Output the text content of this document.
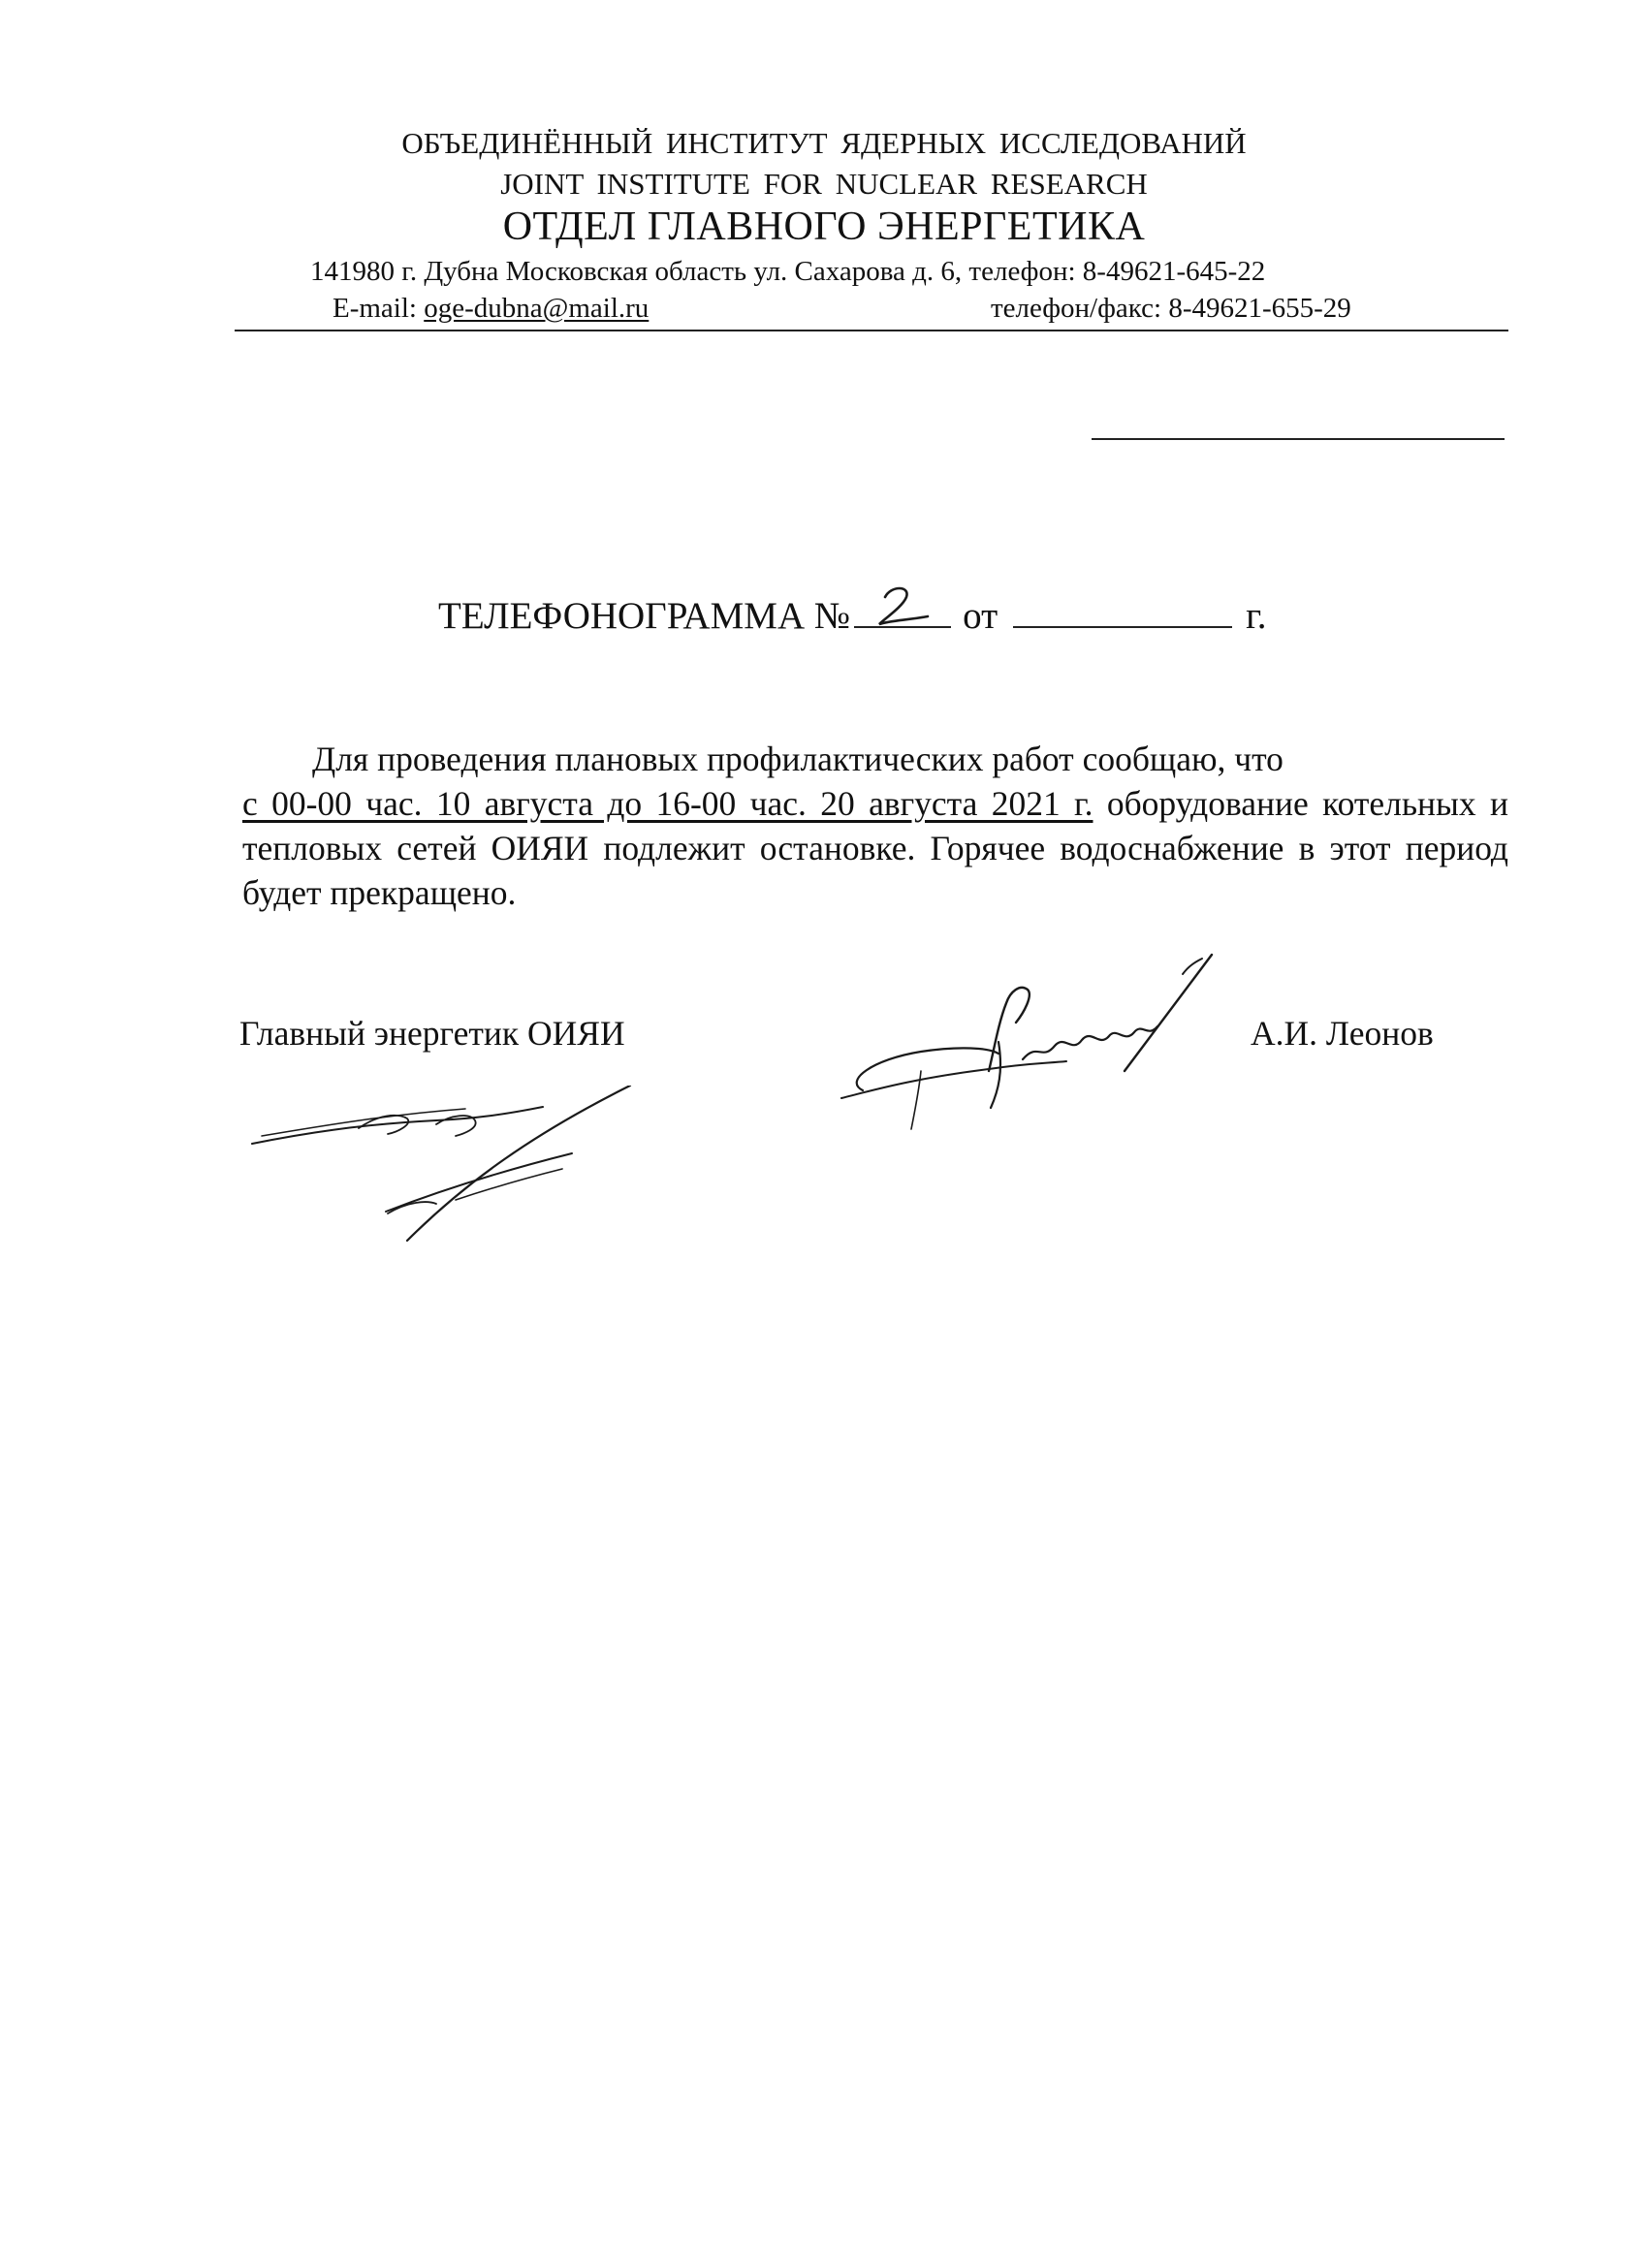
ОБЪЕДИНЁННЫЙ ИНСТИТУТ ЯДЕРНЫХ ИССЛЕДОВАНИЙ
JOINT INSTITUTE FOR NUCLEAR RESEARCH
ОТДЕЛ ГЛАВНОГО ЭНЕРГЕТИКА
141980 г. Дубна Московская область ул. Сахарова д. 6, телефон: 8-49621-645-22
E-mail: oge-dubna@mail.ru	телефон/факс: 8-49621-655-29
ТЕЛЕФОНОГРАММА №	от	г.
Для проведения плановых профилактических работ сообщаю, что
с 00-00 час. 10 августа до 16-00 час. 20 августа 2021 г. оборудование котельных и тепловых сетей ОИЯИ подлежит остановке. Горячее водоснабжение в этот период будет прекращено.
Главный энергетик ОИЯИ	А.И. Леонов
